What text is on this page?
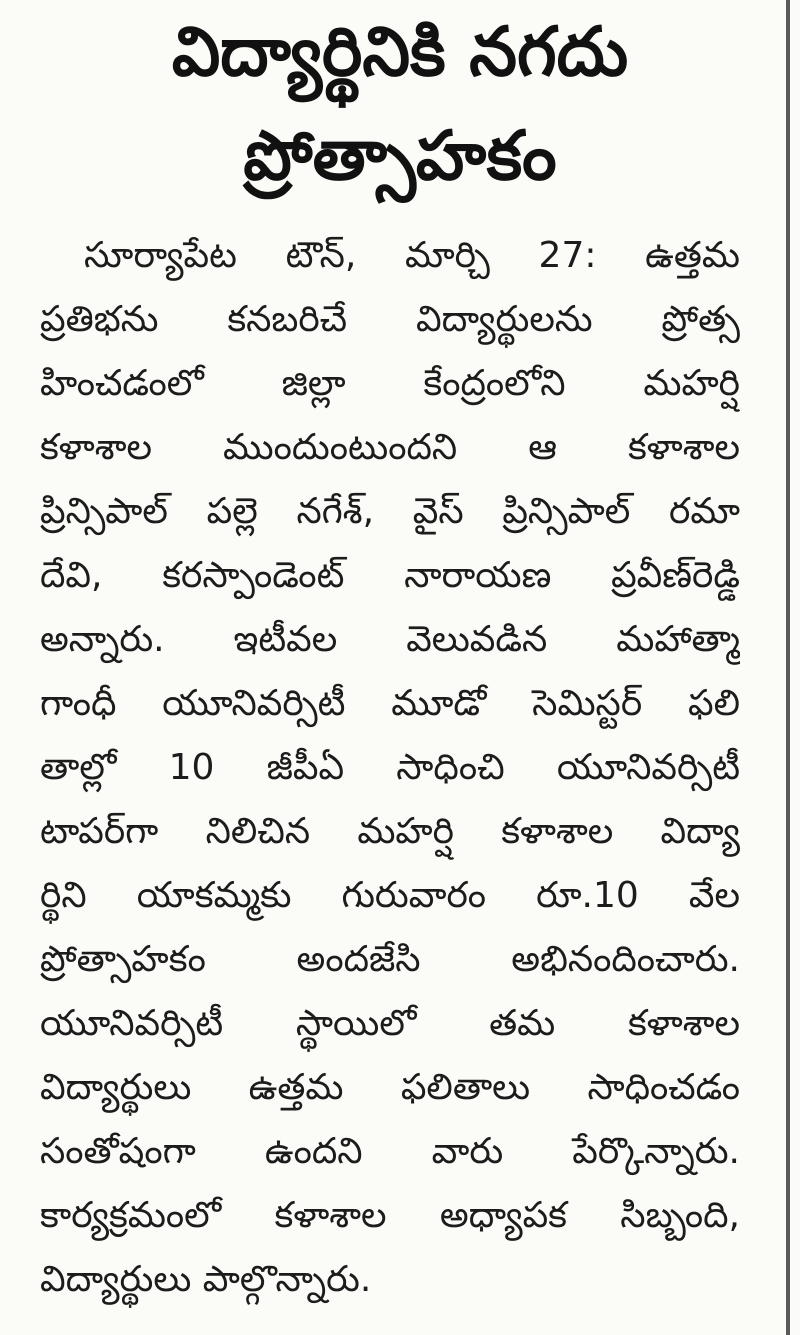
విద్యార్థినికి నగదు
ప్రోత్సాహకం
సూర్యాపేట టౌన్, మార్చి 27: ఉత్తమ
ప్రతిభను కనబరిచే విద్యార్థులను ప్రోత్స
హించడంలో జిల్లా కేంద్రంలోని మహర్షి
కళాశాల ముందుంటుందని ఆ కళాశాల
ప్రిన్సిపాల్ పల్లె నగేశ్, వైస్ ప్రిన్సిపాల్ రమా
దేవి, కరస్పాండెంట్ నారాయణ ప్రవీణ్‌రెడ్డి
అన్నారు. ఇటీవల వెలువడిన మహాత్మా
గాంధీ యూనివర్సిటీ మూడో సెమిస్టర్ ఫలి
తాల్లో 10 జీపీఏ సాధించి యూనివర్సిటీ
టాపర్‌గా నిలిచిన మహర్షి కళాశాల విద్యా
ర్థిని యాకమ్మకు గురువారం రూ.10 వేల
ప్రోత్సాహకం అందజేసి అభినందించారు.
యూనివర్సిటీ స్థాయిలో తమ కళాశాల
విద్యార్థులు ఉత్తమ ఫలితాలు సాధించడం
సంతోషంగా ఉందని వారు పేర్కొన్నారు.
కార్యక్రమంలో కళాశాల అధ్యాపక సిబ్బంది,
విద్యార్థులు పాల్గొన్నారు.
